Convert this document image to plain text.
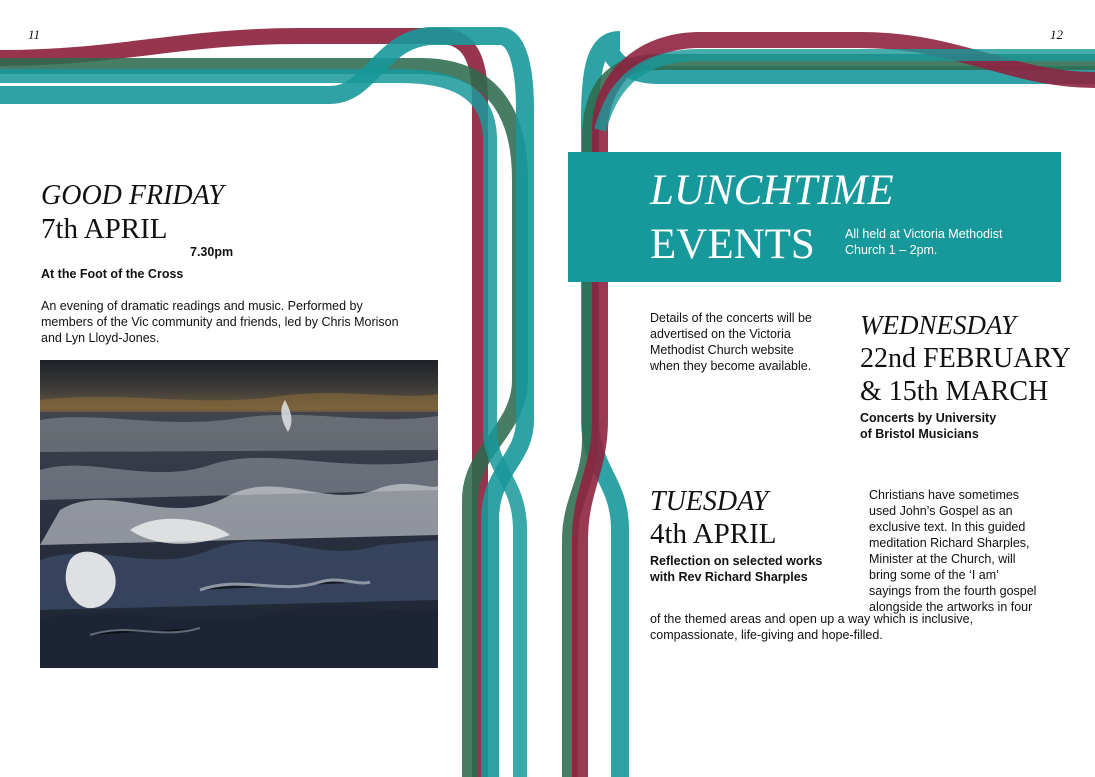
11	12
GOOD FRIDAY
7th APRIL
7.30pm
At the Foot of the Cross
An evening of dramatic readings and music. Performed by
members of the Vic community and friends, led by Chris Morison
and Lyn Lloyd-Jones.
LUNCHTIME
EVENTS All held at Victoria Methodist
Church 1 – 2pm.
Details of the concerts will be
advertised on the Victoria
Methodist Church website
when they become available.
WEDNESDAY
22nd FEBRUARY
& 15th MARCH
Concerts by University
of Bristol Musicians
TUESDAY
4th APRIL
Reflection on selected works
with Rev Richard Sharples
Christians have sometimes
used John’s Gospel as an
exclusive text. In this guided
meditation Richard Sharples,
Minister at the Church, will
bring some of the ‘I am’
sayings from the fourth gospel
alongside the artworks in four
of the themed areas and open up a way which is inclusive,
compassionate, life-giving and hope-filled.
